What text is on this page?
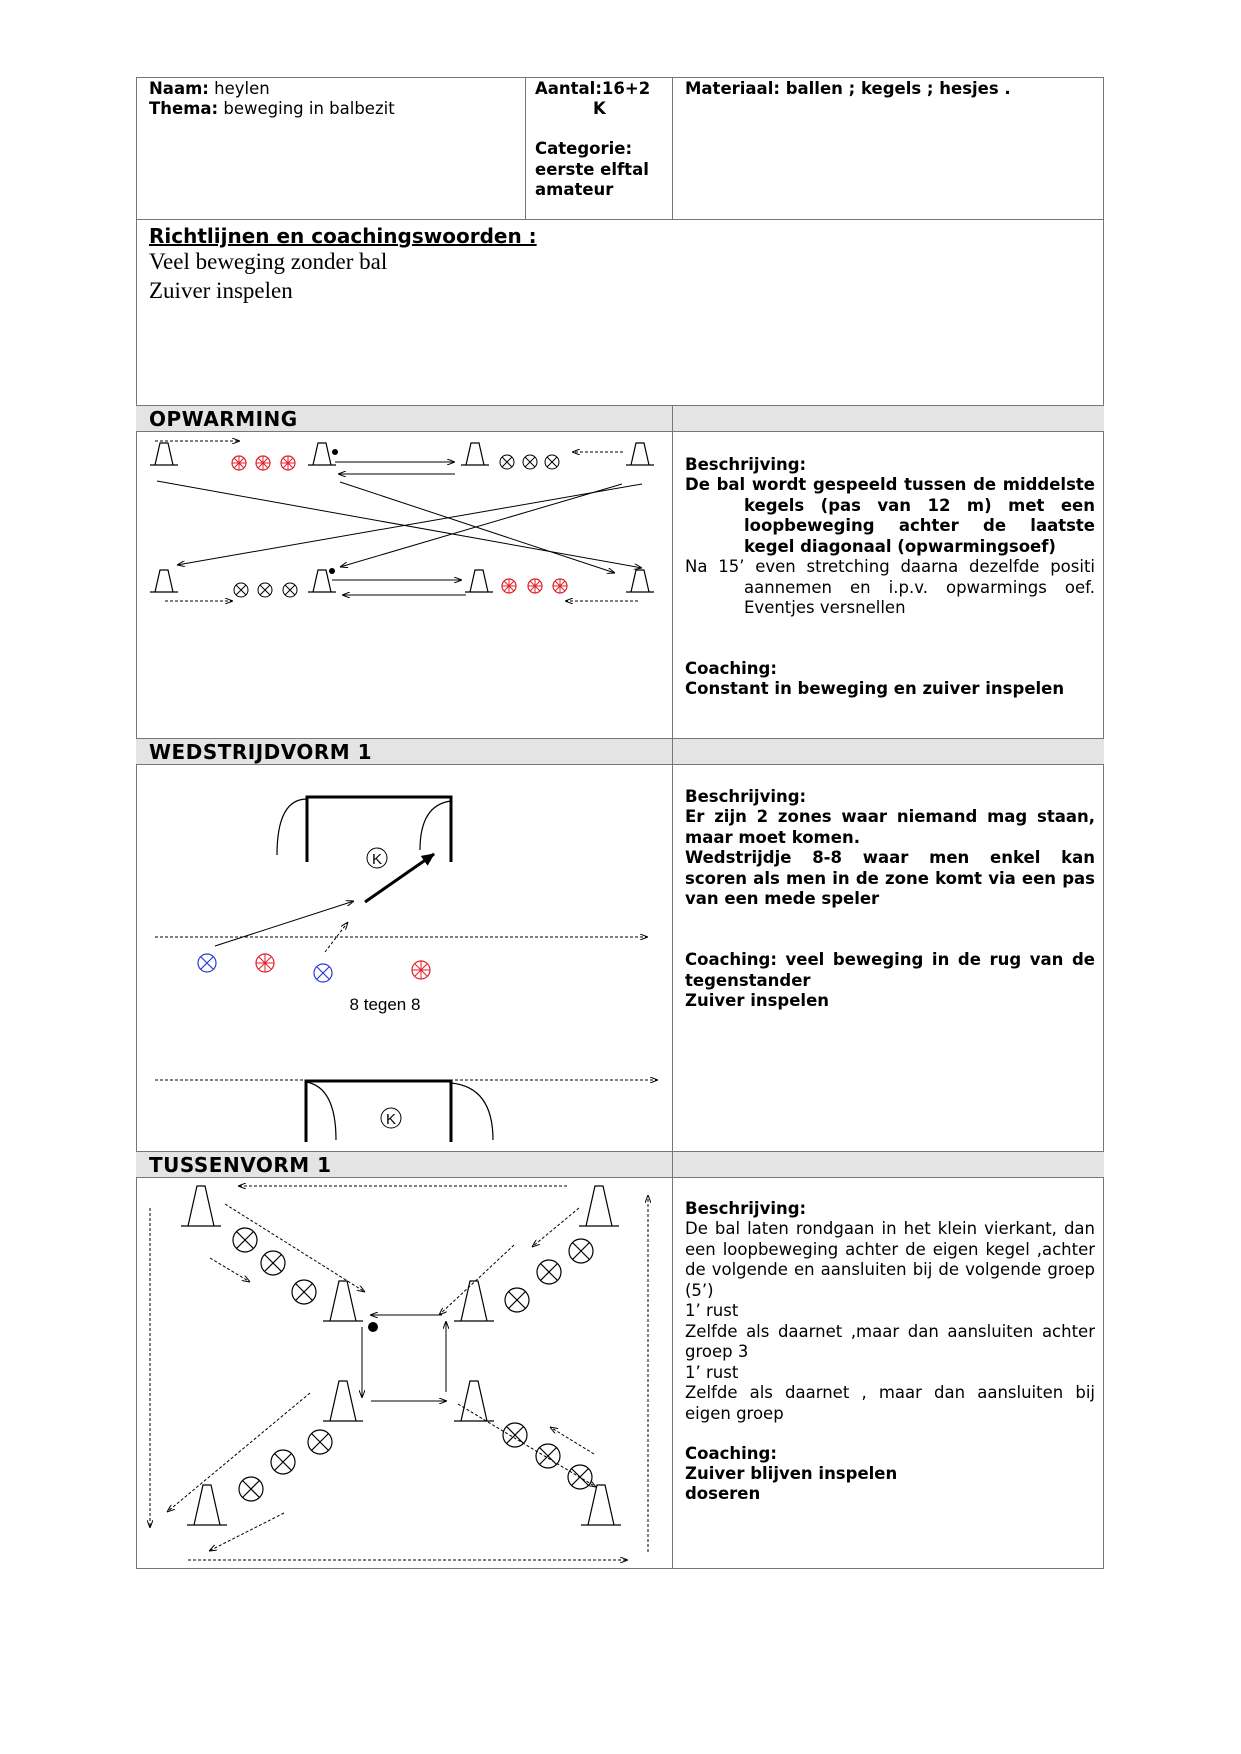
Naam: heylen
Thema: beweging in balbezit
Aantal:16+2
K
Categorie:
eerste elftal
amateur
Materiaal: ballen ; kegels ; hesjes .
Richtlijnen en coachingswoorden :
Veel beweging zonder bal
Zuiver inspelen
OPWARMING
Beschrijving:
De bal wordt gespeeld tussen de middelste
kegels (pas van 12 m) met een
loopbeweging achter de laatste
kegel diagonaal (opwarmingsoef)
Na 15’ even stretching daarna dezelfde positi
aannemen en i.p.v. opwarmings oef.
Eventjes versnellen
Coaching:
Constant in beweging en zuiver inspelen
WEDSTRIJDVORM 1
Beschrijving:
Er zijn 2 zones waar niemand mag staan,
maar moet komen.
Wedstrijdje 8-8 waar men enkel kan
scoren als men in de zone komt via een pas
van een mede speler
Coaching: veel beweging in de rug van de
tegenstander
Zuiver inspelen
K
K
8 tegen 8
TUSSENVORM 1
Beschrijving:
De bal laten rondgaan in het klein vierkant, dan
een loopbeweging achter de eigen kegel ,achter
de volgende en aansluiten bij de volgende groep
(5’)
1’ rust
Zelfde als daarnet ,maar dan aansluiten achter
groep 3
1’ rust
Zelfde als daarnet , maar dan aansluiten bij
eigen groep
Coaching:
Zuiver blijven inspelen
doseren
